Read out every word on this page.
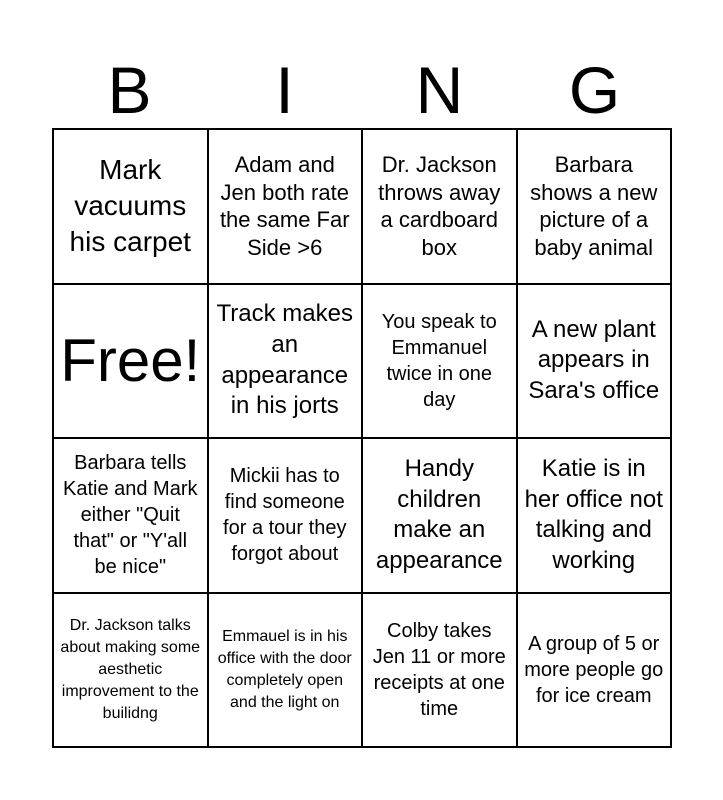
B	I	N	G
Mark vacuums his carpet
Adam and Jen both rate the same Far Side >6
Dr. Jackson throws away a cardboard box
Barbara shows a new picture of a baby animal
Free!
Track makes an appearance in his jorts
You speak to Emmanuel twice in one day
A new plant appears in Sara's office
Barbara tells Katie and Mark either "Quit that" or "Y'all be nice"
Mickii has to find someone for a tour they forgot about
Handy children make an appearance
Katie is in her office not talking and working
Dr. Jackson talks about making some aesthetic improvement to the builidng
Emmauel is in his office with the door completely open and the light on
Colby takes Jen 11 or more receipts at one time
A group of 5 or more people go for ice cream
